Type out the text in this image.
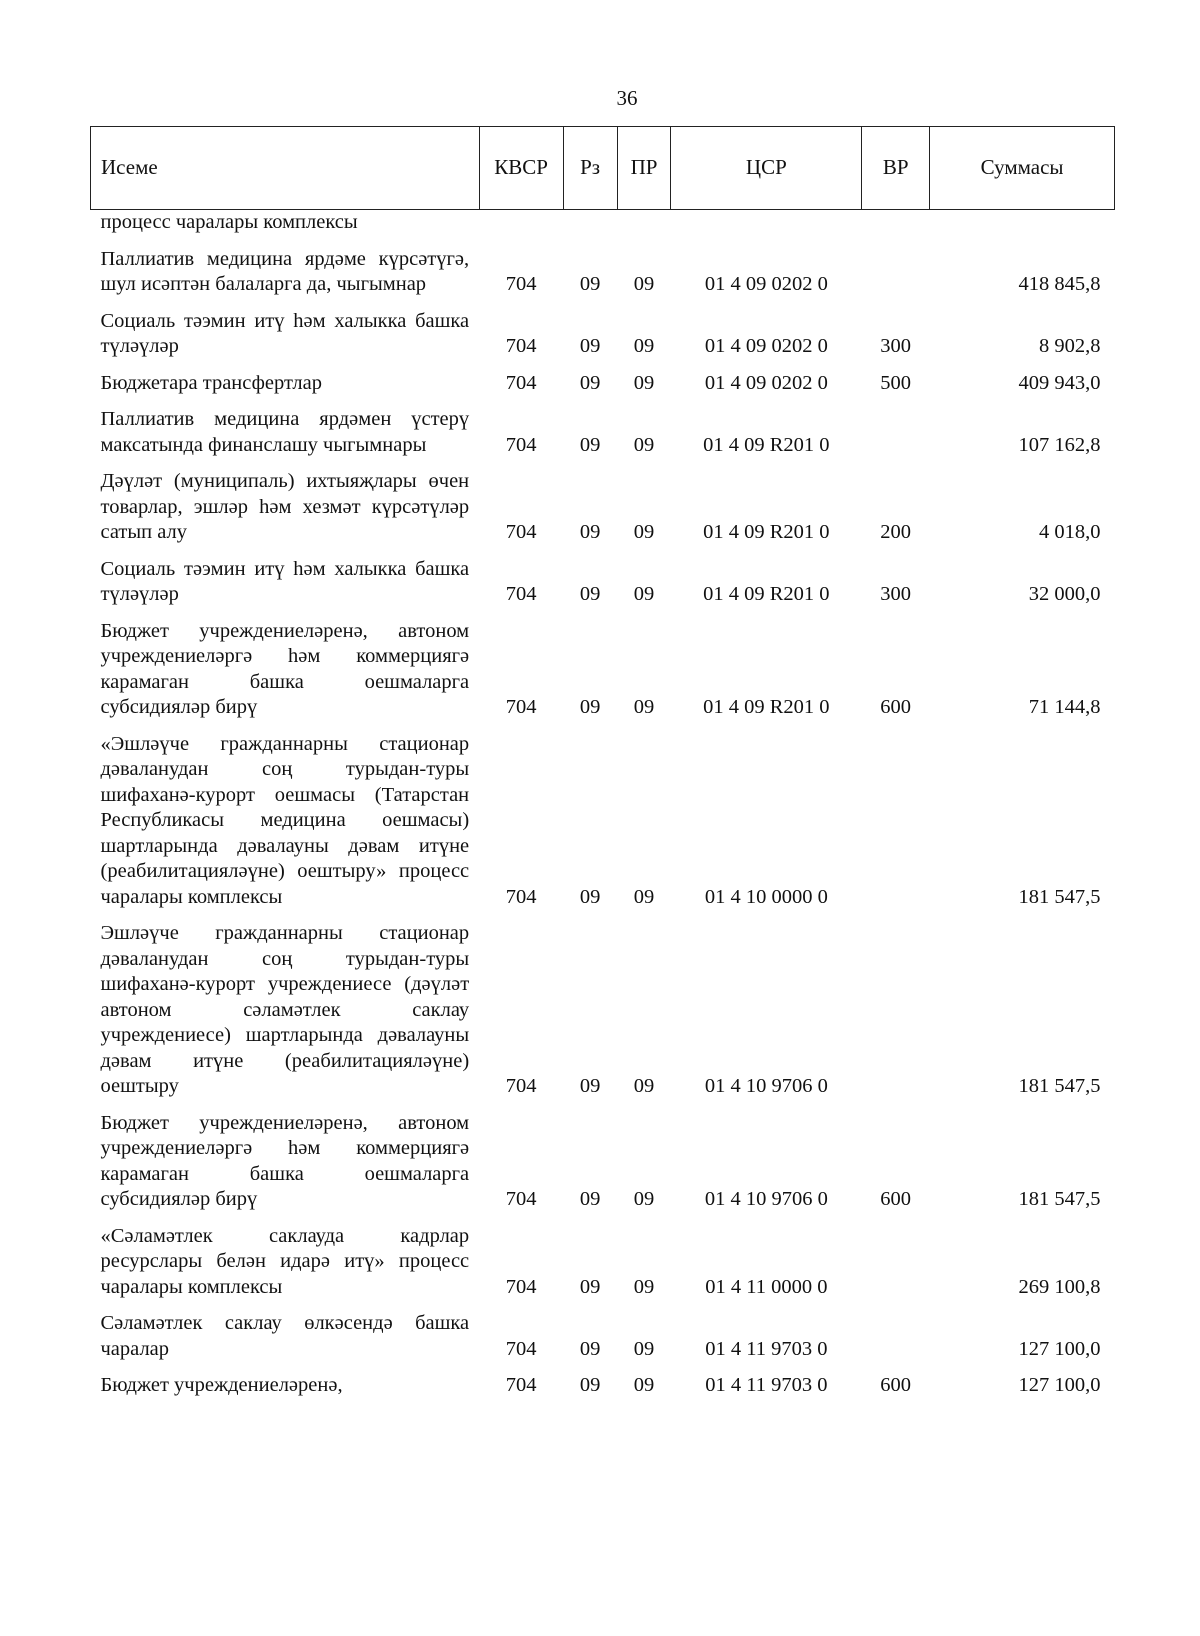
36
Исеме	КВСР	Рз	ПР	ЦСР	ВР	Суммасы
процесс чаралары комплексы						
Паллиатив медицина ярдәме күрсәтүгә, шул исәптән балаларга да, чыгымнар	704	09	09	01 4 09 0202 0		418 845,8
Социаль тәэмин итү һәм халыкка башка түләүләр	704	09	09	01 4 09 0202 0	300	8 902,8
Бюджетара трансфертлар	704	09	09	01 4 09 0202 0	500	409 943,0
Паллиатив медицина ярдәмен үстерү максатында финанслашу чыгымнары	704	09	09	01 4 09 R201 0		107 162,8
Дәүләт (муниципаль) ихтыяҗлары өчен товарлар, эшләр һәм хезмәт күрсәтүләр сатып алу	704	09	09	01 4 09 R201 0	200	4 018,0
Социаль тәэмин итү һәм халыкка башка түләүләр	704	09	09	01 4 09 R201 0	300	32 000,0
Бюджет учреждениеләренә, автоном учреждениеләргә һәм коммерциягә карамаган башка оешмаларга субсидияләр бирү	704	09	09	01 4 09 R201 0	600	71 144,8
«Эшләүче гражданнарны стационар дәваланудан соң турыдан-туры шифаханә-курорт оешмасы (Татарстан Республикасы медицина оешмасы) шартларында дәвалауны дәвам итүне (реабилитацияләүне) оештыру» процесс чаралары комплексы	704	09	09	01 4 10 0000 0		181 547,5
Эшләүче гражданнарны стационар дәваланудан соң турыдан-туры шифаханә-курорт учреждениесе (дәүләт автоном сәламәтлек саклау учреждениесе) шартларында дәвалауны дәвам итүне (реабилитацияләүне) оештыру	704	09	09	01 4 10 9706 0		181 547,5
Бюджет учреждениеләренә, автоном учреждениеләргә һәм коммерциягә карамаган башка оешмаларга субсидияләр бирү	704	09	09	01 4 10 9706 0	600	181 547,5
«Сәламәтлек саклауда кадрлар ресурслары белән идарә итү» процесс чаралары комплексы	704	09	09	01 4 11 0000 0		269 100,8
Сәламәтлек саклау өлкәсендә башка чаралар	704	09	09	01 4 11 9703 0		127 100,0
Бюджет учреждениеләренә,	704	09	09	01 4 11 9703 0	600	127 100,0
